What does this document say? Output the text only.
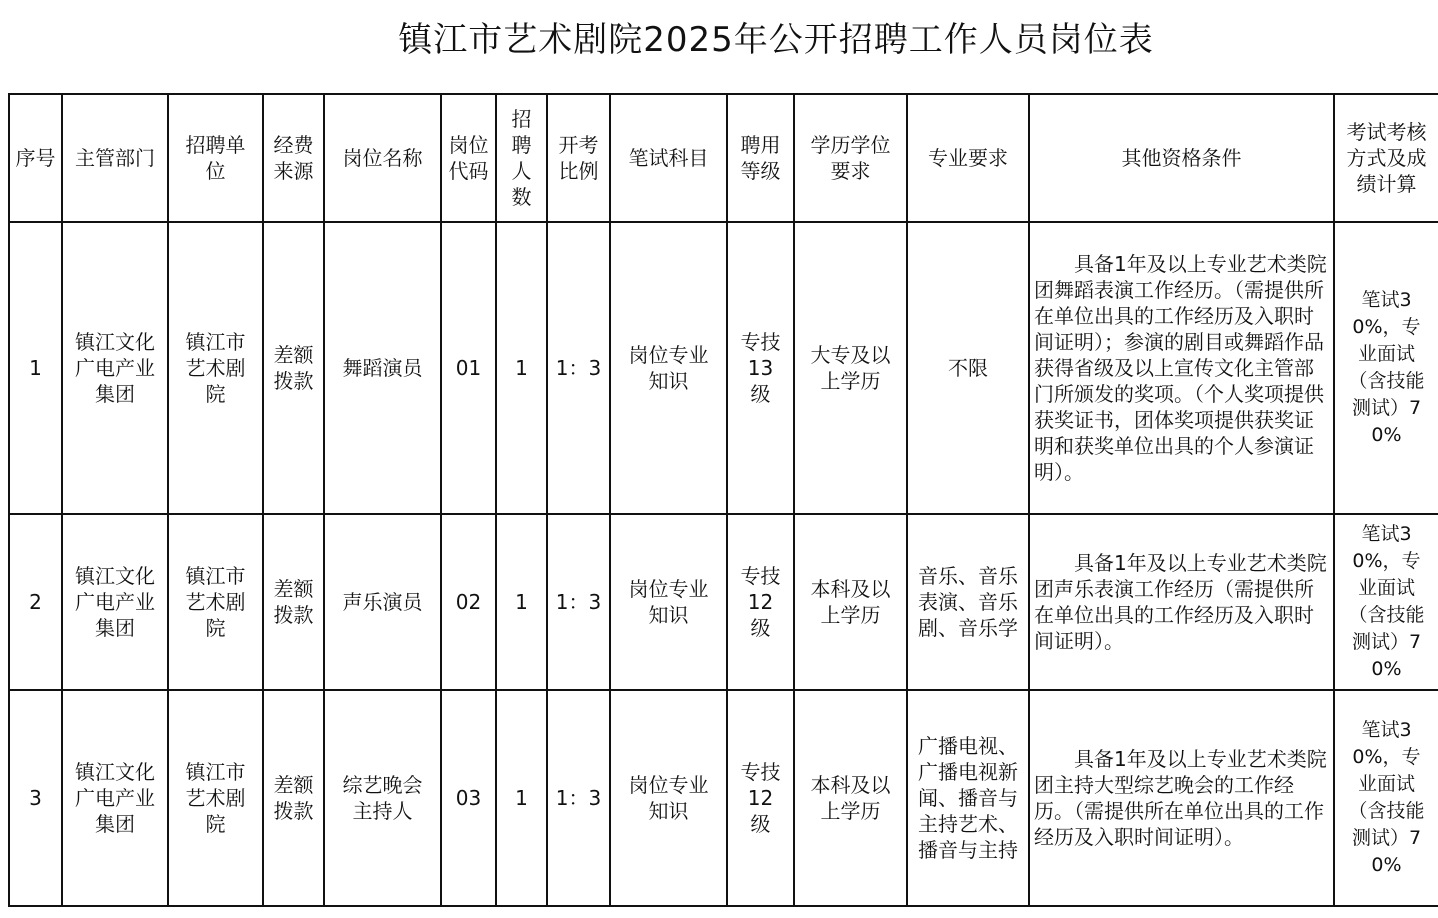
镇江市艺术剧院2025年公开招聘工作人员岗位表
序号	主管部门	招聘单位	经费来源	岗位名称	岗位代码	招聘人数	开考比例	笔试科目	聘用等级	学历学位要求	专业要求	其他资格条件	考试考核方式及成绩计算	
1	镇江文化广电产业集团	镇江市艺术剧院	差额拨款	舞蹈演员	01	1	1：3	岗位专业知识	专技13级	大专及以上学历	不限	具备1年及以上专业艺术类院团舞蹈表演工作经历。（需提供所在单位出具的工作经历及入职时间证明）；参演的剧目或舞蹈作品获得省级及以上宣传文化主管部门所颁发的奖项。（个人奖项提供获奖证书，团体奖项提供获奖证明和获奖单位出具的个人参演证明）。	笔试30%，专业面试（含技能测试）70%	
2	镇江文化广电产业集团	镇江市艺术剧院	差额拨款	声乐演员	02	1	1：3	岗位专业知识	专技12级	本科及以上学历	音乐、音乐表演、音乐剧、音乐学	具备1年及以上专业艺术类院团声乐表演工作经历（需提供所在单位出具的工作经历及入职时间证明）。	笔试30%，专业面试（含技能测试）70%	
3	镇江文化广电产业集团	镇江市艺术剧院	差额拨款	综艺晚会主持人	03	1	1：3	岗位专业知识	专技12级	本科及以上学历	广播电视、广播电视新闻、播音与主持艺术、播音与主持	具备1年及以上专业艺术类院团主持大型综艺晚会的工作经历。（需提供所在单位出具的工作经历及入职时间证明）。	笔试30%，专业面试（含技能测试）70%	
